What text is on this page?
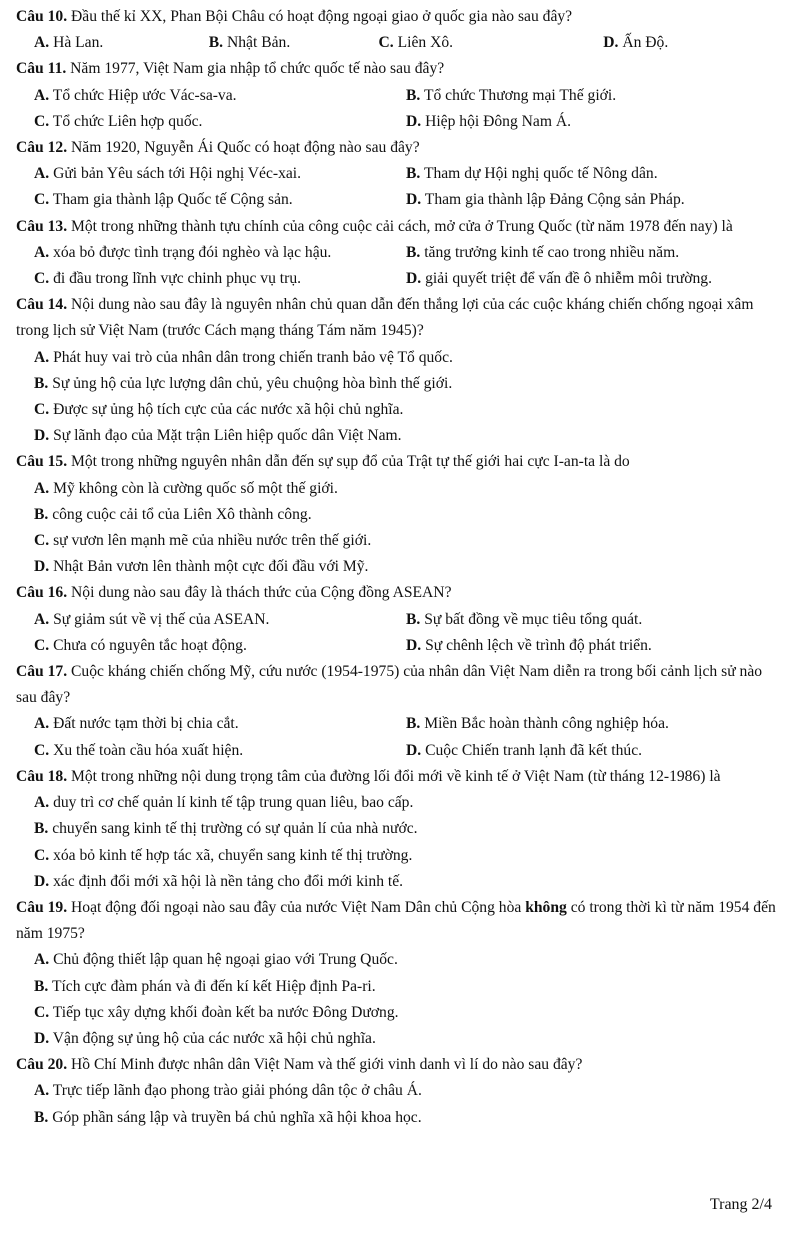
Câu 10. Đầu thế kỉ XX, Phan Bội Châu có hoạt động ngoại giao ở quốc gia nào sau đây?
A. Hà Lan.	B. Nhật Bản.	C. Liên Xô.	D. Ấn Độ.
Câu 11. Năm 1977, Việt Nam gia nhập tổ chức quốc tế nào sau đây?
A. Tổ chức Hiệp ước Vác-sa-va.	B. Tổ chức Thương mại Thế giới.
C. Tổ chức Liên hợp quốc.	D. Hiệp hội Đông Nam Á.
Câu 12. Năm 1920, Nguyễn Ái Quốc có hoạt động nào sau đây?
A. Gửi bản Yêu sách tới Hội nghị Véc-xai.	B. Tham dự Hội nghị quốc tế Nông dân.
C. Tham gia thành lập Quốc tế Cộng sản.	D. Tham gia thành lập Đảng Cộng sản Pháp.
Câu 13. Một trong những thành tựu chính của công cuộc cải cách, mở cửa ở Trung Quốc (từ năm 1978 đến nay) là
A. xóa bỏ được tình trạng đói nghèo và lạc hậu.	B. tăng trưởng kinh tế cao trong nhiều năm.
C. đi đầu trong lĩnh vực chinh phục vụ trụ.	D. giải quyết triệt để vấn đề ô nhiễm môi trường.
Câu 14. Nội dung nào sau đây là nguyên nhân chủ quan dẫn đến thắng lợi của các cuộc kháng chiến chống ngoại xâm trong lịch sử Việt Nam (trước Cách mạng tháng Tám năm 1945)?
A. Phát huy vai trò của nhân dân trong chiến tranh bảo vệ Tổ quốc.
B. Sự ủng hộ của lực lượng dân chủ, yêu chuộng hòa bình thế giới.
C. Được sự ủng hộ tích cực của các nước xã hội chủ nghĩa.
D. Sự lãnh đạo của Mặt trận Liên hiệp quốc dân Việt Nam.
Câu 15. Một trong những nguyên nhân dẫn đến sự sụp đổ của Trật tự thế giới hai cực I-an-ta là do
A. Mỹ không còn là cường quốc số một thế giới.
B. công cuộc cải tổ của Liên Xô thành công.
C. sự vươn lên mạnh mẽ của nhiều nước trên thế giới.
D. Nhật Bản vươn lên thành một cực đối đầu với Mỹ.
Câu 16. Nội dung nào sau đây là thách thức của Cộng đồng ASEAN?
A. Sự giảm sút về vị thế của ASEAN.	B. Sự bất đồng về mục tiêu tổng quát.
C. Chưa có nguyên tắc hoạt động.	D. Sự chênh lệch về trình độ phát triển.
Câu 17. Cuộc kháng chiến chống Mỹ, cứu nước (1954-1975) của nhân dân Việt Nam diễn ra trong bối cảnh lịch sử nào sau đây?
A. Đất nước tạm thời bị chia cắt.	B. Miền Bắc hoàn thành công nghiệp hóa.
C. Xu thế toàn cầu hóa xuất hiện.	D. Cuộc Chiến tranh lạnh đã kết thúc.
Câu 18. Một trong những nội dung trọng tâm của đường lối đổi mới về kinh tế ở Việt Nam (từ tháng 12-1986) là
A. duy trì cơ chế quản lí kinh tế tập trung quan liêu, bao cấp.
B. chuyển sang kinh tế thị trường có sự quản lí của nhà nước.
C. xóa bỏ kinh tế hợp tác xã, chuyển sang kinh tế thị trường.
D. xác định đổi mới xã hội là nền tảng cho đổi mới kinh tế.
Câu 19. Hoạt động đối ngoại nào sau đây của nước Việt Nam Dân chủ Cộng hòa không có trong thời kì từ năm 1954 đến năm 1975?
A. Chủ động thiết lập quan hệ ngoại giao với Trung Quốc.
B. Tích cực đàm phán và đi đến kí kết Hiệp định Pa-ri.
C. Tiếp tục xây dựng khối đoàn kết ba nước Đông Dương.
D. Vận động sự ủng hộ của các nước xã hội chủ nghĩa.
Câu 20. Hồ Chí Minh được nhân dân Việt Nam và thế giới vinh danh vì lí do nào sau đây?
A. Trực tiếp lãnh đạo phong trào giải phóng dân tộc ở châu Á.
B. Góp phần sáng lập và truyền bá chủ nghĩa xã hội khoa học.
Trang 2/4
